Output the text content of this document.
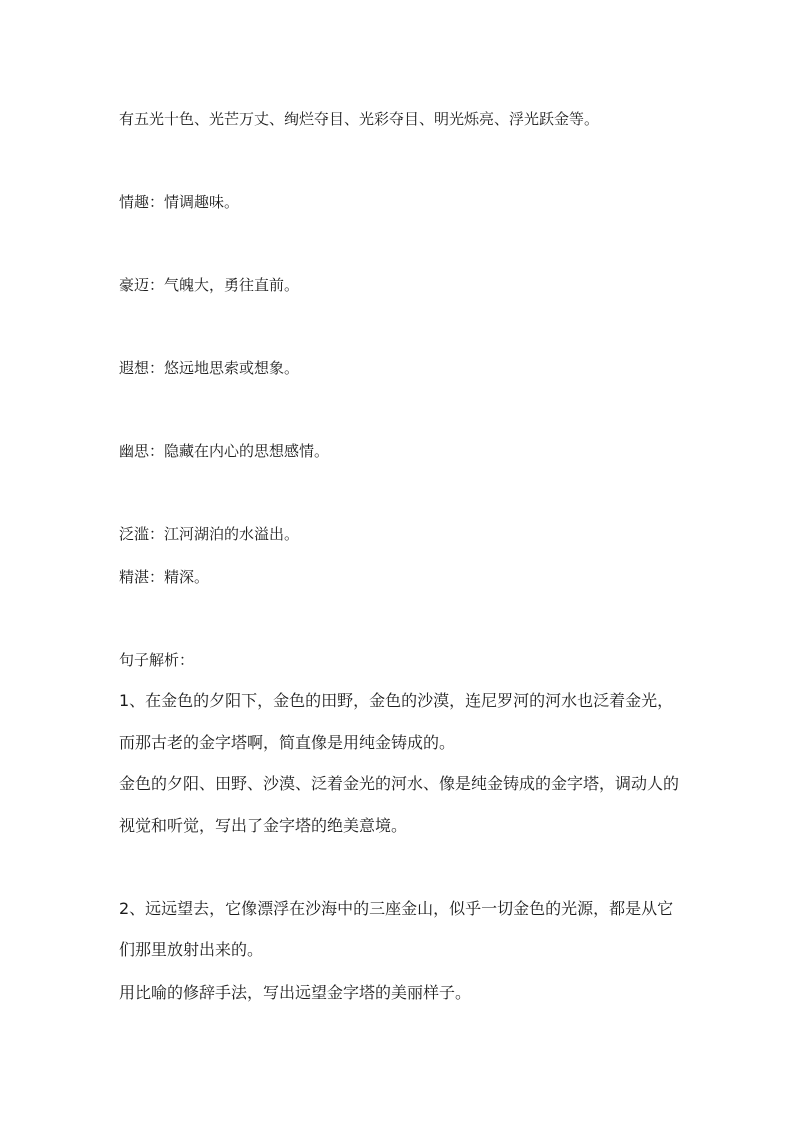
有五光十色、光芒万丈、绚烂夺目、光彩夺目、明光烁亮、浮光跃金等。
情趣：情调趣味。
豪迈：气魄大，勇往直前。
遐想：悠远地思索或想象。
幽思：隐藏在内心的思想感情。
泛滥：江河湖泊的水溢出。
精湛：精深。
句子解析：
1、在金色的夕阳下，金色的田野，金色的沙漠，连尼罗河的河水也泛着金光，
而那古老的金字塔啊，简直像是用纯金铸成的。
金色的夕阳、田野、沙漠、泛着金光的河水、像是纯金铸成的金字塔，调动人的
视觉和听觉，写出了金字塔的绝美意境。
2、远远望去，它像漂浮在沙海中的三座金山，似乎一切金色的光源，都是从它
们那里放射出来的。
用比喻的修辞手法，写出远望金字塔的美丽样子。
